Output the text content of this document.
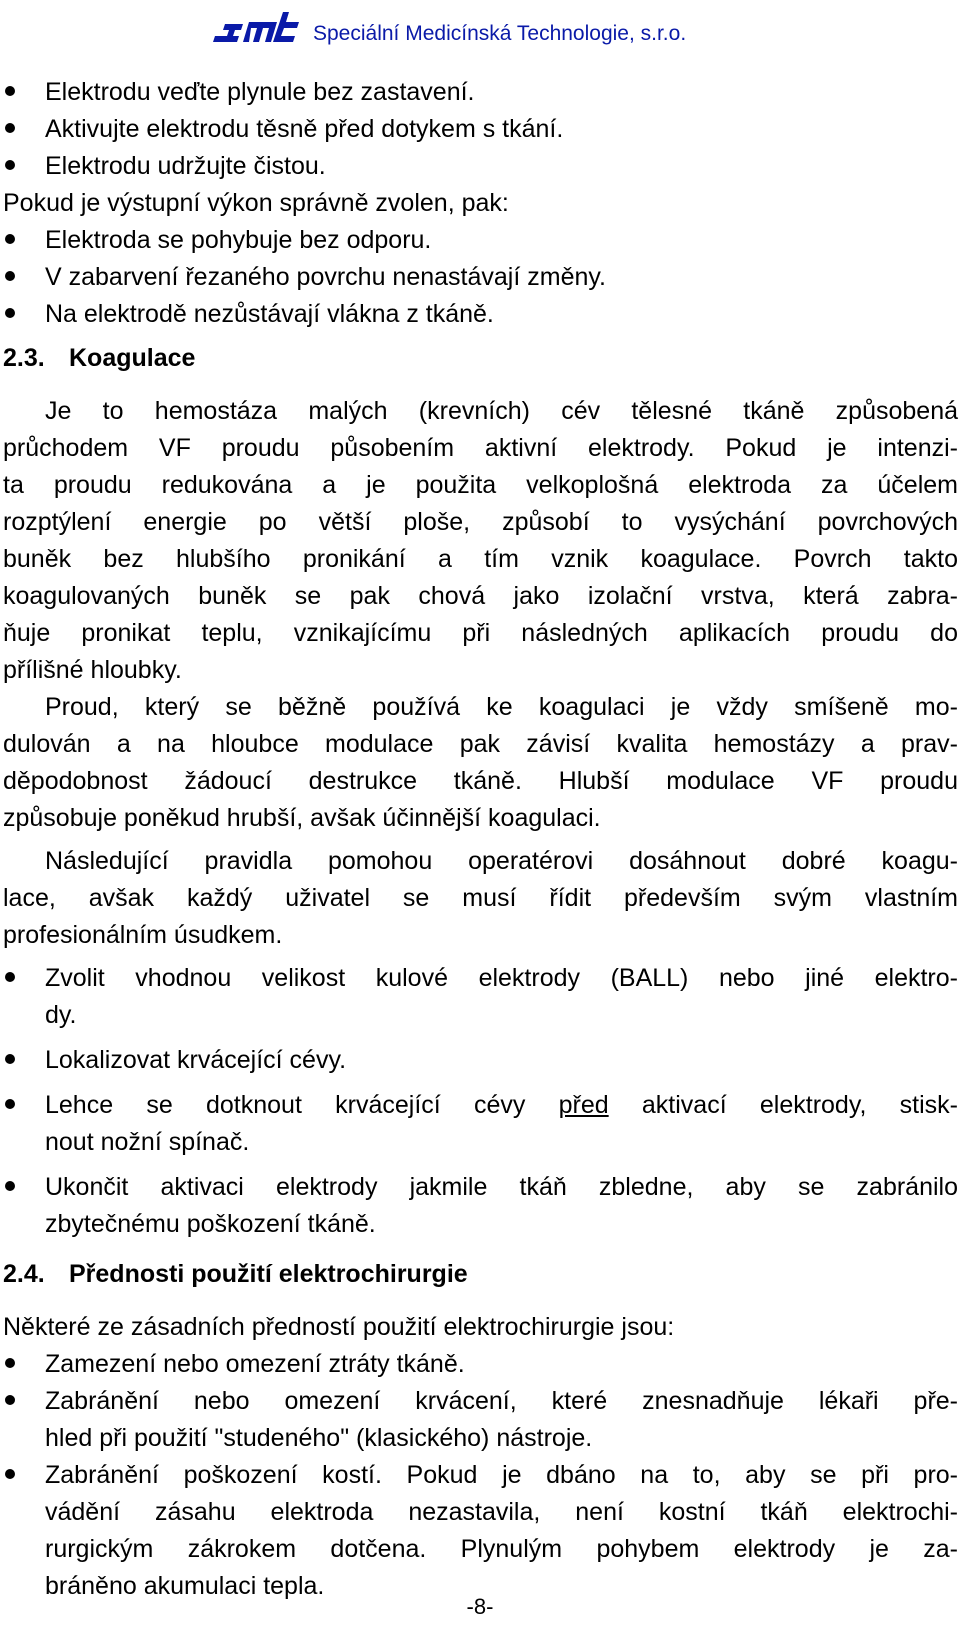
Speciální Medicínská Technologie, s.r.o.
Elektrodu veďte plynule bez zastavení.
Aktivujte elektrodu těsně před dotykem s tkání.
Elektrodu udržujte čistou.
Pokud je výstupní výkon správně zvolen, pak:
Elektroda se pohybuje bez odporu.
V zabarvení řezaného povrchu nenastávají změny.
Na elektrodě nezůstávají vlákna z tkáně.
2.3. Koagulace
Je to hemostáza malých (krevních) cév tělesné tkáně způsobená
průchodem VF proudu působením aktivní elektrody. Pokud je intenzi-
ta proudu redukována a je použita velkoplošná elektroda za účelem
rozptýlení energie po větší ploše, způsobí to vysýchání povrchových
buněk bez hlubšího pronikání a tím vznik koagulace. Povrch takto
koagulovaných buněk se pak chová jako izolační vrstva, která zabra-
ňuje pronikat teplu, vznikajícímu při následných aplikacích proudu do
přílišné hloubky.
Proud, který se běžně používá ke koagulaci je vždy smíšeně mo-
dulován a na hloubce modulace pak závisí kvalita hemostázy a prav-
děpodobnost žádoucí destrukce tkáně. Hlubší modulace VF proudu
způsobuje poněkud hrubší, avšak účinnější koagulaci.
Následující pravidla pomohou operatérovi dosáhnout dobré koagu-
lace, avšak každý uživatel se musí řídit především svým vlastním
profesionálním úsudkem.
Zvolit vhodnou velikost kulové elektrody (BALL) nebo jiné elektro-
dy.
Lokalizovat krvácející cévy.
Lehce se dotknout krvácející cévy před aktivací elektrody, stisk-
nout nožní spínač.
Ukončit aktivaci elektrody jakmile tkáň zbledne, aby se zabránilo
zbytečnému poškození tkáně.
2.4. Přednosti použití elektrochirurgie
Některé ze zásadních předností použití elektrochirurgie jsou:
Zamezení nebo omezení ztráty tkáně.
Zabránění nebo omezení krvácení, které znesnadňuje lékaři pře-
hled při použití "studeného" (klasického) nástroje.
Zabránění poškození kostí. Pokud je dbáno na to, aby se při pro-
vádění zásahu elektroda nezastavila, není kostní tkáň elektrochi-
rurgickým zákrokem dotčena. Plynulým pohybem elektrody je za-
bráněno akumulaci tepla.
-8-
